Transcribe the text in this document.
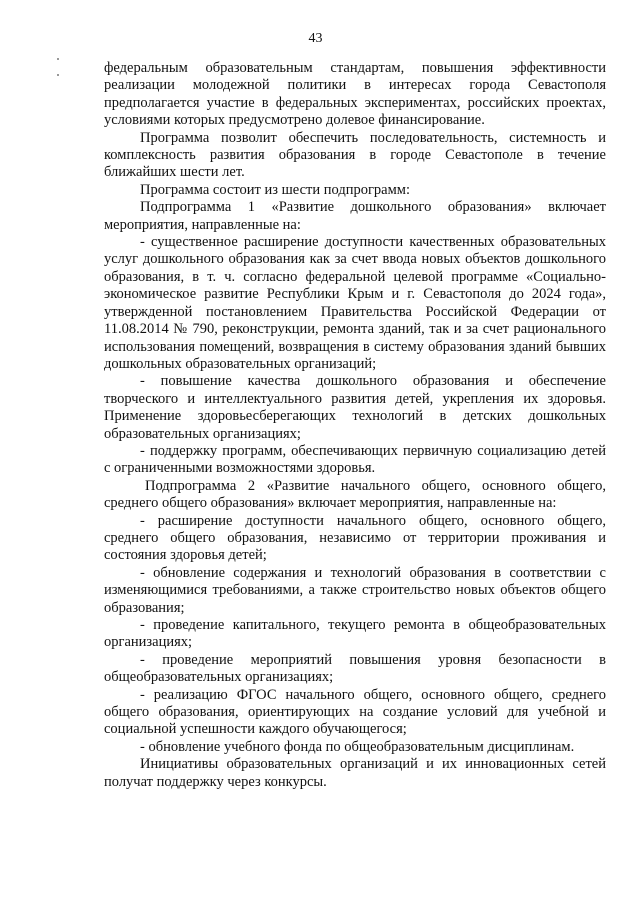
43

федеральным образовательным стандартам, повышения эффективности реализации молодежной политики в интересах города Севастополя предполагается участие в федеральных экспериментах, российских проектах, условиями которых предусмотрено долевое финансирование.

Программа позволит обеспечить последовательность, системность и комплексность развития образования в городе Севастополе в течение ближайших шести лет.

Программа состоит из шести подпрограмм:

Подпрограмма 1 «Развитие дошкольного образования» включает мероприятия, направленные на:

- существенное расширение доступности качественных образовательных услуг дошкольного образования как за счет ввода новых объектов дошкольного образования, в т. ч. согласно федеральной целевой программе «Социально-экономическое развитие Республики Крым и г. Севастополя до 2024 года», утвержденной постановлением Правительства Российской Федерации от 11.08.2014 № 790, реконструкции, ремонта зданий, так и за счет рационального использования помещений, возвращения в систему образования зданий бывших дошкольных образовательных организаций;

- повышение качества дошкольного образования и обеспечение творческого и интеллектуального развития детей, укрепления их здоровья. Применение здоровьесберегающих технологий в детских дошкольных образовательных организациях;

- поддержку программ, обеспечивающих первичную социализацию детей с ограниченными возможностями здоровья.

Подпрограмма 2 «Развитие начального общего, основного общего, среднего общего образования» включает мероприятия, направленные на:

- расширение доступности начального общего, основного общего, среднего общего образования, независимо от территории проживания и состояния здоровья детей;

- обновление содержания и технологий образования в соответствии с изменяющимися требованиями, а также строительство новых объектов общего образования;

- проведение капитального, текущего ремонта в общеобразовательных организациях;

- проведение мероприятий повышения уровня безопасности в общеобразовательных организациях;

- реализацию ФГОС начального общего, основного общего, среднего общего образования, ориентирующих на создание условий для учебной и социальной успешности каждого обучающегося;

- обновление учебного фонда по общеобразовательным дисциплинам.

Инициативы образовательных организаций и их инновационных сетей получат поддержку через конкурсы.
